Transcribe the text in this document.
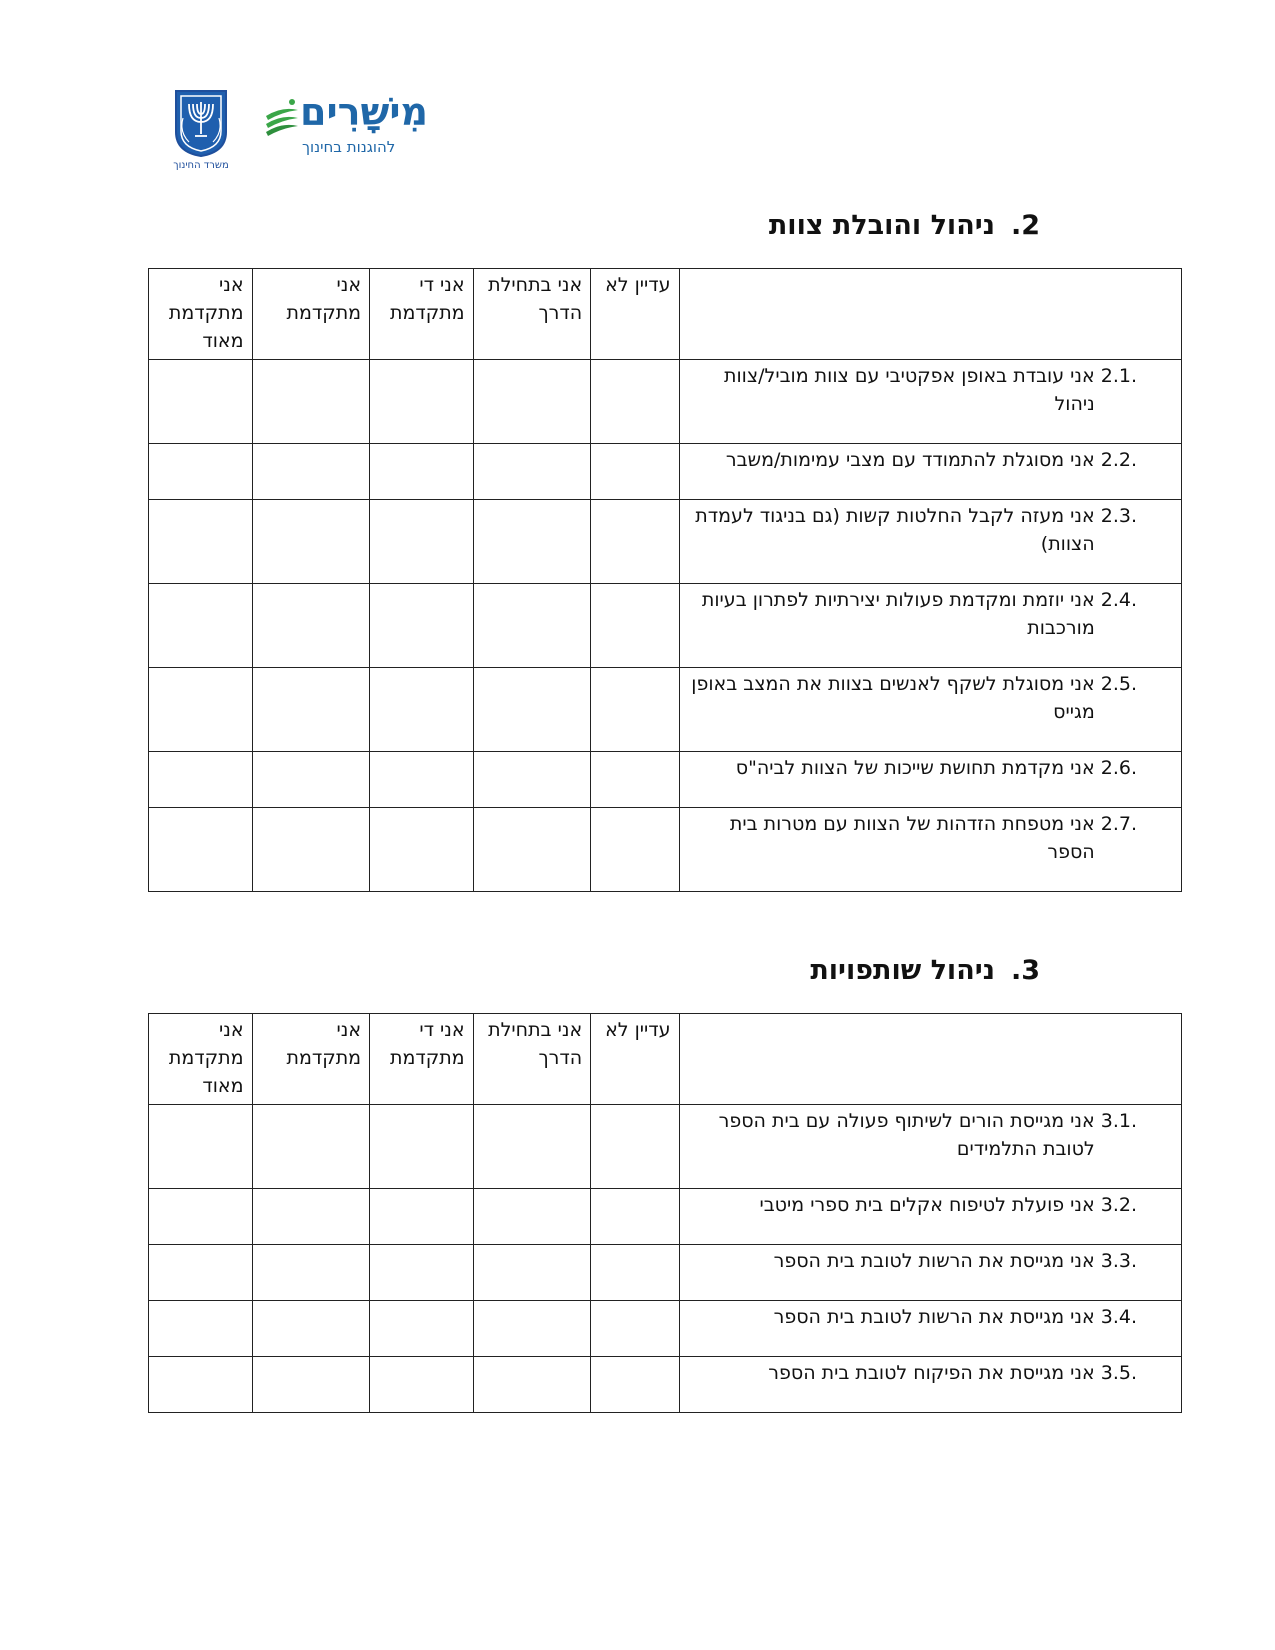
משרד החינוך
מִישָׁרִים
להוגנות בחינוך
2.ניהול והובלת צוות
	עדיין לא	אני בתחילת הדרך	אני די מתקדמת	אני מתקדמת	אני מתקדמת מאוד

2.1.
אני עובדת באופן אפקטיבי עם צוות מוביל/צוות ניהול					

2.2.
אני מסוגלת להתמודד עם מצבי עמימות/משבר					

2.3.
אני מעזה לקבל החלטות קשות (גם בניגוד לעמדת הצוות)					

2.4.
אני יוזמת ומקדמת פעולות יצירתיות לפתרון בעיות מורכבות					

2.5.
אני מסוגלת לשקף לאנשים בצוות את המצב באופן מגייס					

2.6.
אני מקדמת תחושת שייכות של הצוות לביה"ס					

2.7.
אני מטפחת הזדהות של הצוות עם מטרות בית הספר					

3.ניהול שותפויות
	עדיין לא	אני בתחילת הדרך	אני די מתקדמת	אני מתקדמת	אני מתקדמת מאוד

3.1.
אני מגייסת הורים לשיתוף פעולה עם בית הספר לטובת התלמידים					

3.2.
אני פועלת לטיפוח אקלים בית ספרי מיטבי					

3.3.
אני מגייסת את הרשות לטובת בית הספר					

3.4.
אני מגייסת את הרשות לטובת בית הספר					

3.5.
אני מגייסת את הפיקוח לטובת בית הספר					
